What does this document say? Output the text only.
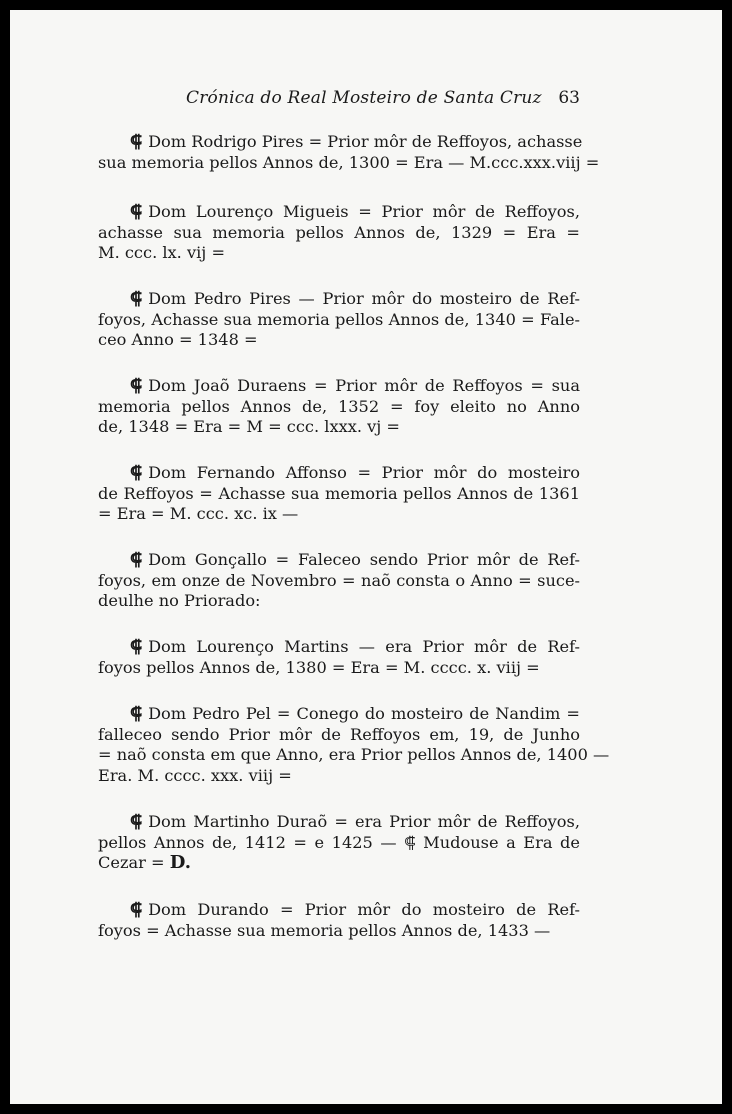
Crónica do Real Mosteiro de Santa Cruz 63
⸿ Dom Rodrigo Pires = Prior môr de Reffoyos, achasse
sua memoria pellos Annos de, 1300 = Era — M.ccc.xxx.viij =
⸿ Dom Lourenço Migueis = Prior môr de Reffoyos,
achasse sua memoria pellos Annos de, 1329 = Era =
M. ccc. lx. vij =
⸿ Dom Pedro Pires — Prior môr do mosteiro de Ref-
foyos, Achasse sua memoria pellos Annos de, 1340 = Fale-
ceo Anno = 1348 =
⸿ Dom Joaõ Duraens = Prior môr de Reffoyos = sua
memoria pellos Annos de, 1352 = foy eleito no Anno
de, 1348 = Era = M = ccc. lxxx. vj =
⸿ Dom Fernando Affonso = Prior môr do mosteiro
de Reffoyos = Achasse sua memoria pellos Annos de 1361
= Era = M. ccc. xc. ix —
⸿ Dom Gonçallo = Faleceo sendo Prior môr de Ref-
foyos, em onze de Novembro = naõ consta o Anno = suce-
deulhe no Priorado:
⸿ Dom Lourenço Martins — era Prior môr de Ref-
foyos pellos Annos de, 1380 = Era = M. cccc. x. viij =
⸿ Dom Pedro Pel = Conego do mosteiro de Nandim =
falleceo sendo Prior môr de Reffoyos em, 19, de Junho
= naõ consta em que Anno, era Prior pellos Annos de, 1400 —
Era. M. cccc. xxx. viij =
⸿ Dom Martinho Duraõ = era Prior môr de Reffoyos,
pellos Annos de, 1412 = e 1425 — ⸿ Mudouse a Era de
Cezar = D.
⸿ Dom Durando = Prior môr do mosteiro de Ref-
foyos = Achasse sua memoria pellos Annos de, 1433 —
